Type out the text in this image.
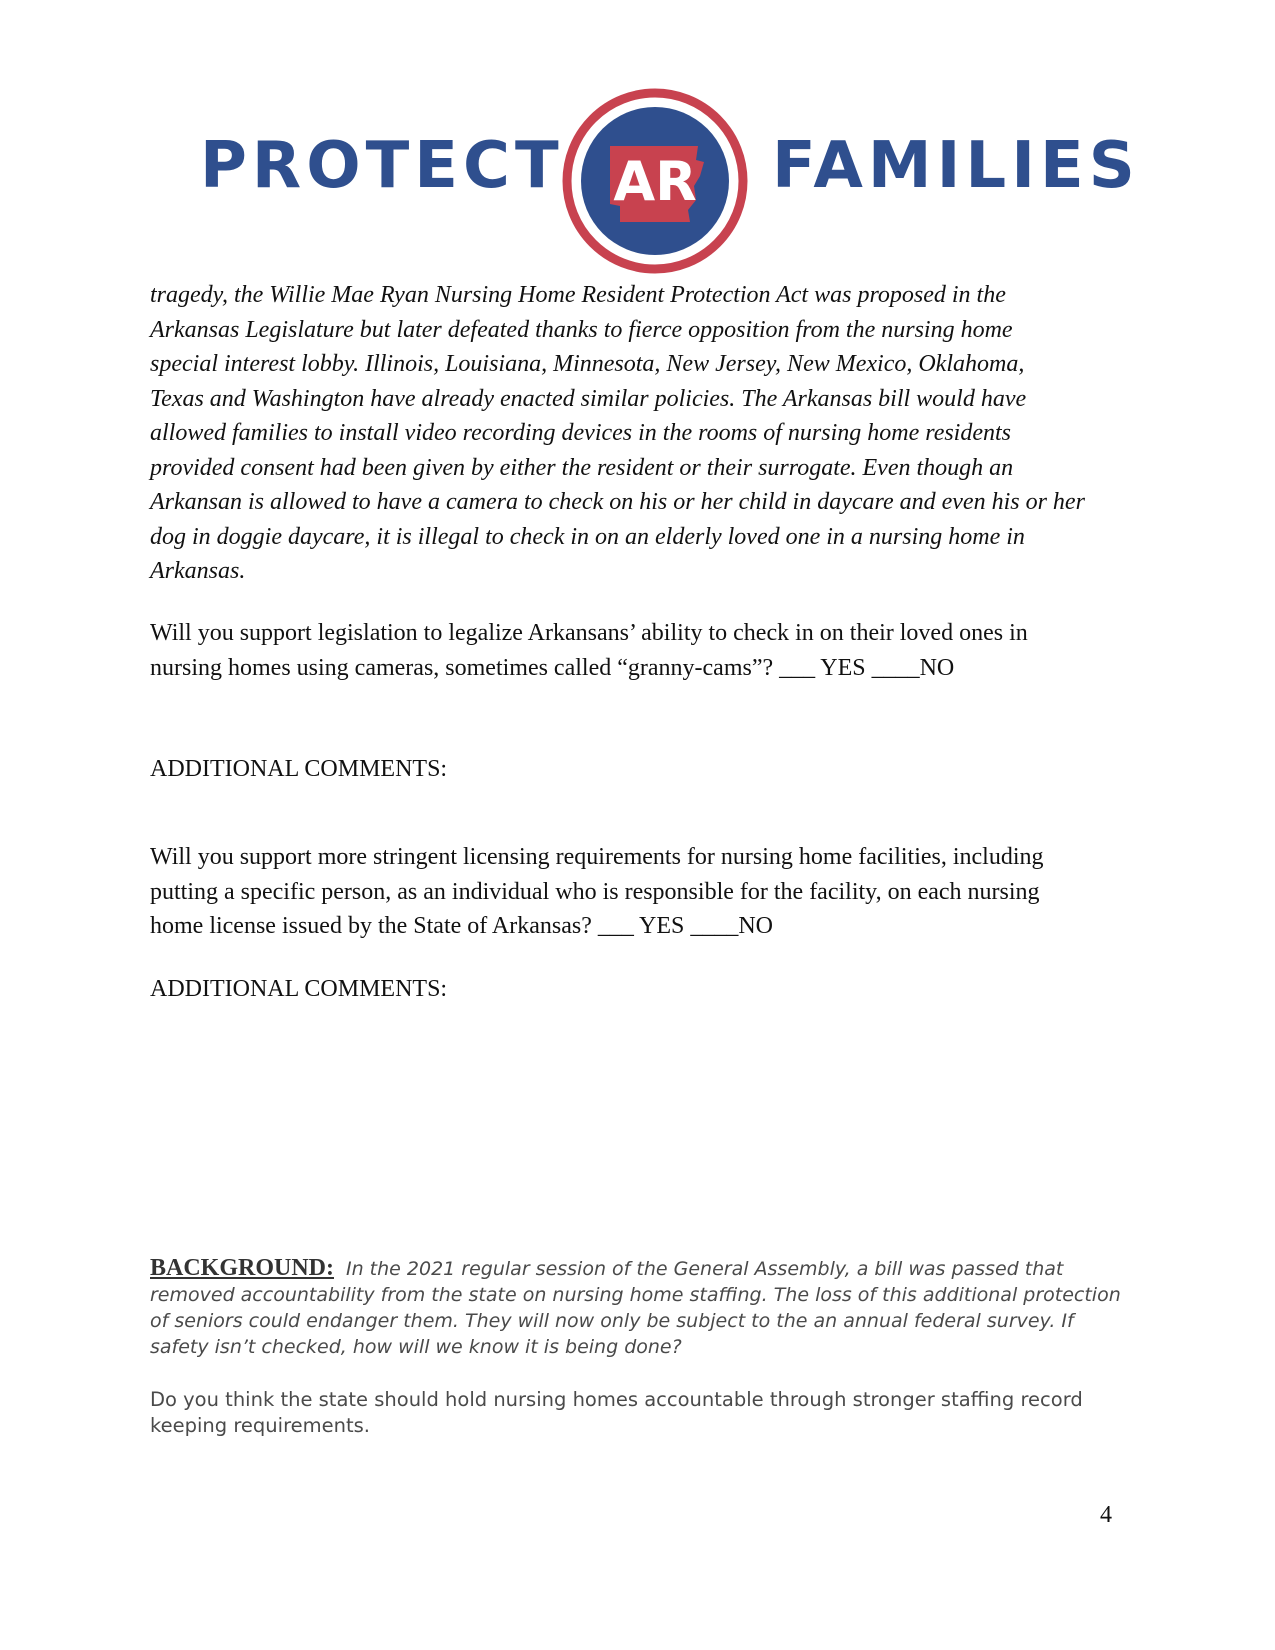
PROTECT AR FAMILIES

tragedy, the Willie Mae Ryan Nursing Home Resident Protection Act was proposed in the
Arkansas Legislature but later defeated thanks to fierce opposition from the nursing home
special interest lobby. Illinois, Louisiana, Minnesota, New Jersey, New Mexico, Oklahoma,
Texas and Washington have already enacted similar policies. The Arkansas bill would have
allowed families to install video recording devices in the rooms of nursing home residents
provided consent had been given by either the resident or their surrogate. Even though an
Arkansan is allowed to have a camera to check on his or her child in daycare and even his or her
dog in doggie daycare, it is illegal to check in on an elderly loved one in a nursing home in
Arkansas.

Will you support legislation to legalize Arkansans’ ability to check in on their loved ones in
nursing homes using cameras, sometimes called “granny-cams”? ___ YES ____NO

ADDITIONAL COMMENTS:

Will you support more stringent licensing requirements for nursing home facilities, including
putting a specific person, as an individual who is responsible for the facility, on each nursing
home license issued by the State of Arkansas? ___ YES ____NO

ADDITIONAL COMMENTS:

BACKGROUND: In the 2021 regular session of the General Assembly, a bill was passed that
removed accountability from the state on nursing home staffing. The loss of this additional protection
of seniors could endanger them. They will now only be subject to the an annual federal survey. If
safety isn’t checked, how will we know it is being done?
Do you think the state should hold nursing homes accountable through stronger staffing record
keeping requirements.

4
